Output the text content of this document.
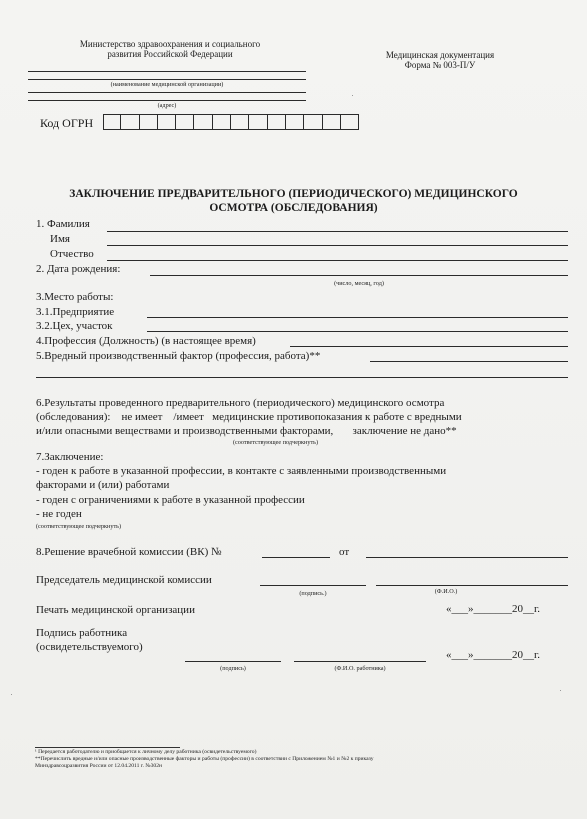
Министерство здравоохранения и социального
развития Российской Федерации	Медицинская документация
Форма № 003-П/У
(наименование медицинской организации)
(адрес)
Код ОГРН
ЗАКЛЮЧЕНИЕ ПРЕДВАРИТЕЛЬНОГО (ПЕРИОДИЧЕСКОГО) МЕДИЦИНСКОГО
ОСМОТРА (ОБСЛЕДОВАНИЯ)
1. Фамилия
Имя
Отчество
2. Дата рождения:
(число, месяц, год)
3.Место работы:
3.1.Предприятие
3.2.Цех, участок
4.Профессия (Должность) (в настоящее время)
5.Вредный производственный фактор (профессия, работа)**
6.Результаты проведенного предварительного (периодического) медицинского осмотра
(обследования):    не имеет    /имеет   медицинские противопоказания к работе с вредными
и/или опасными веществами и производственными факторами,       заключение не дано**
(соответствующее подчеркнуть)
7.Заключение:
- годен к работе в указанной профессии, в контакте с заявленными производственными
факторами и (или) работами
- годен с ограничениями к работе в указанной профессии
- не годен
(соответствующее подчеркнуть)
8.Решение врачебной комиссии (ВК) №	от
Председатель медицинской комиссии
(подпись.)	(Ф.И.О.)
Печать медицинской организации	«___»_______20__г.
Подпись работника
(освидетельствуемого)
(подпись)	(Ф.И.О. работника)
«___»_______20__г.
¹ Передается работодателю и приобщается к личному делу работника (освидетельствуемого)
**Перечислить вредные и/или опасные производственные факторы и работы (профессии) в соответствии с Приложением №1 и №2 к приказу
Минздравсоцразвития России от 12.04.2011 г. №302н
